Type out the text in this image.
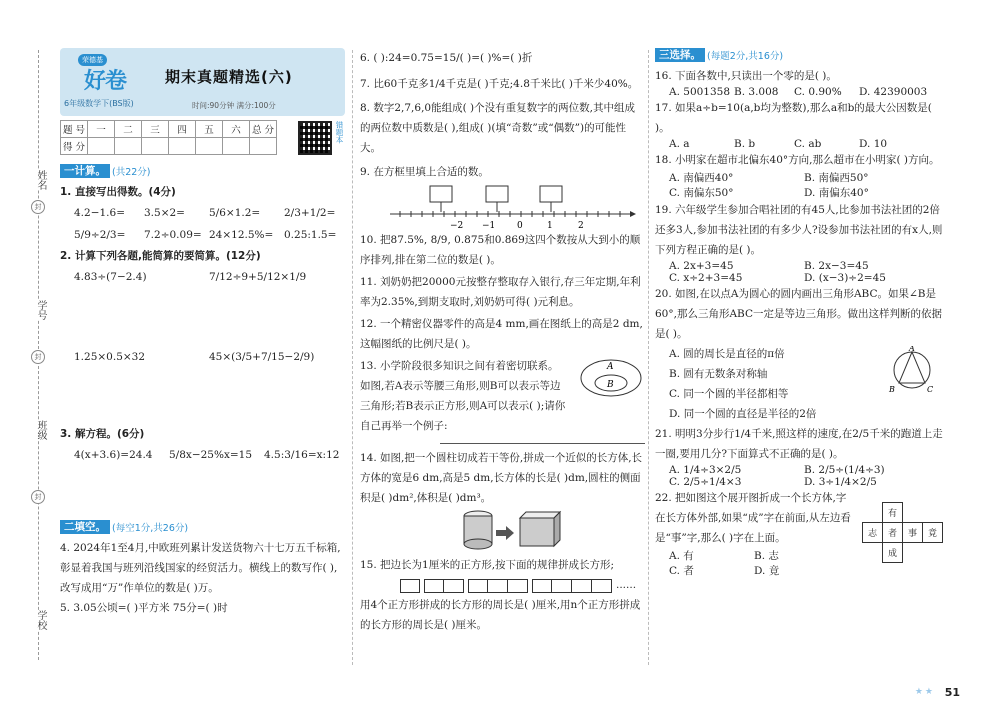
姓名
封
学号
封
班级
封
学校
荣德基
好卷
6年级数学下(BS版)
期末真题精选(六)
时间:90分钟 满分:100分
题 号	一	二	三	四	五	六	总 分
得 分							
错题本
一计算。 (共22分)
1. 直接写出得数。(4分)
4.2−1.6=	3.5×2=	5/6×1.2=	2/3+1/2=
5/9÷2/3=	7.2÷0.09= 24×12.5%=	0.25:1.5=
2. 计算下列各题,能简算的要简算。(12分)
4.83÷(7−2.4)	7/12÷9+5/12×1/9
1.25×0.5×32	45×(3/5+7/15−2/9)
3. 解方程。(6分)
4(x+3.6)=24.4	5/8x−25%x=15	4.5:3/16=x:12
二填空。 (每空1分,共26分)
4. 2024年1至4月,中欧班列累计发送货物六十七万五千标箱,彰显着我国与班列沿线国家的经贸活力。横线上的数写作( ),改写成用“万”作单位的数是( )万。
5. 3.05公顷=( )平方米 75分=( )时
6. ( ):24=0.75=15/( )=( )%=( )折
7. 比60千克多1/4千克是( )千克;4.8千米比( )千米少40%。
8. 数字2,7,6,0能组成( )个没有重复数字的两位数,其中组成的两位数中质数是( ),组成( )(填“奇数”或“偶数”)的可能性大。
9. 在方框里填上合适的数。
−2 −1 0	1	2
10. 把87.5%, 8/9, 0.875和0.869这四个数按从大到小的顺序排列,排在第二位的数是( )。
11. 刘奶奶把20000元按整存整取存入银行,存三年定期,年利率为2.35%,到期支取时,刘奶奶可得( )元利息。
12. 一个精密仪器零件的高是4 mm,画在图纸上的高是2 dm,这幅图纸的比例尺是( )。
13. 小学阶段很多知识之间有着密切联系。如图,若A表示等腰三角形,则B可以表示等边三角形;若B表示正方形,则A可以表示( );请你自己再举一个例子:
A
B
14. 如图,把一个圆柱切成若干等份,拼成一个近似的长方体,长方体的宽是6 dm,高是5 dm,长方体的长是( )dm,圆柱的侧面积是( )dm²,体积是( )dm³。
15. 把边长为1厘米的正方形,按下面的规律拼成长方形;
......
用4个正方形拼成的长方形的周长是( )厘米,用n个正方形拼成的长方形的周长是( )厘米。
三选择。 (每题2分,共16分)
16. 下面各数中,只读出一个零的是( )。
A. 5001358 B. 3.008	C. 0.90%	D. 42390003
17. 如果a÷b=10(a,b均为整数),那么a和b的最大公因数是( )。
A. a	B. b	C. ab	D. 10
18. 小明家在超市北偏东40°方向,那么超市在小明家( )方向。
A. 南偏西40°	B. 南偏西50°
C. 南偏东50°	D. 南偏东40°
19. 六年级学生参加合唱社团的有45人,比参加书法社团的2倍还多3人,参加书法社团的有多少人?设参加书法社团的有x人,则下列方程正确的是( )。
A. 2x+3=45	B. 2x−3=45
C. x÷2+3=45	D. (x−3)÷2=45
20. 如图,在以点A为圆心的圆内画出三角形ABC。如果∠B是60°,那么三角形ABC一定是等边三角形。做出这样判断的依据是( )。
A. 圆的周长是直径的π倍
B. 圆有无数条对称轴
C. 同一个圆的半径都相等
D. 同一个圆的直径是半径的2倍
A
B	C
21. 明明3分步行1/4千米,照这样的速度,在2/5千米的跑道上走一圈,要用几分?下面算式不正确的是( )。
A. 1/4÷3×2/5	B. 2/5÷(1/4÷3)
C. 2/5÷1/4×3	D. 3÷1/4×2/5
22. 把如图这个展开图折成一个长方体,字在长方体外部,如果“成”字在前面,从左边看是“事”字,那么( )字在上面。
A. 有	B. 志
C. 者	D. 竟
	有		
志	者	事	竟
	成		
★★ 51
